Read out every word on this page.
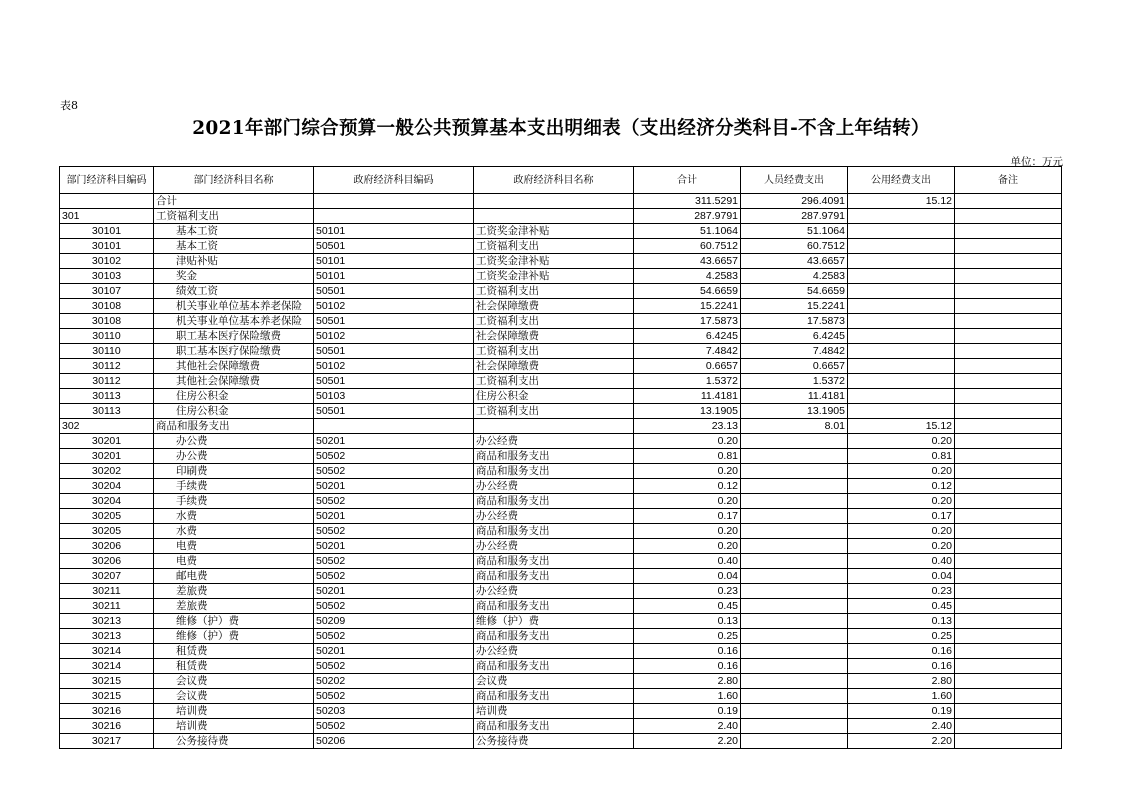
表8
2021年部门综合预算一般公共预算基本支出明细表（支出经济分类科目-不含上年结转）
单位：万元
部门经济科目编码	部门经济科目名称	政府经济科目编码	政府经济科目名称	合计	人员经费支出	公用经费支出	备注
	合计			311.5291	296.4091	15.12	
301	工资福利支出			287.9791	287.9791		
30101	基本工资	50101	工资奖金津补贴	51.1064	51.1064		
30101	基本工资	50501	工资福利支出	60.7512	60.7512		
30102	津贴补贴	50101	工资奖金津补贴	43.6657	43.6657		
30103	奖金	50101	工资奖金津补贴	4.2583	4.2583		
30107	绩效工资	50501	工资福利支出	54.6659	54.6659		
30108	机关事业单位基本养老保险	50102	社会保障缴费	15.2241	15.2241		
30108	机关事业单位基本养老保险	50501	工资福利支出	17.5873	17.5873		
30110	职工基本医疗保险缴费	50102	社会保障缴费	6.4245	6.4245		
30110	职工基本医疗保险缴费	50501	工资福利支出	7.4842	7.4842		
30112	其他社会保障缴费	50102	社会保障缴费	0.6657	0.6657		
30112	其他社会保障缴费	50501	工资福利支出	1.5372	1.5372		
30113	住房公积金	50103	住房公积金	11.4181	11.4181		
30113	住房公积金	50501	工资福利支出	13.1905	13.1905		
302	商品和服务支出			23.13	8.01	15.12	
30201	办公费	50201	办公经费	0.20		0.20	
30201	办公费	50502	商品和服务支出	0.81		0.81	
30202	印刷费	50502	商品和服务支出	0.20		0.20	
30204	手续费	50201	办公经费	0.12		0.12	
30204	手续费	50502	商品和服务支出	0.20		0.20	
30205	水费	50201	办公经费	0.17		0.17	
30205	水费	50502	商品和服务支出	0.20		0.20	
30206	电费	50201	办公经费	0.20		0.20	
30206	电费	50502	商品和服务支出	0.40		0.40	
30207	邮电费	50502	商品和服务支出	0.04		0.04	
30211	差旅费	50201	办公经费	0.23		0.23	
30211	差旅费	50502	商品和服务支出	0.45		0.45	
30213	维修（护）费	50209	维修（护）费	0.13		0.13	
30213	维修（护）费	50502	商品和服务支出	0.25		0.25	
30214	租赁费	50201	办公经费	0.16		0.16	
30214	租赁费	50502	商品和服务支出	0.16		0.16	
30215	会议费	50202	会议费	2.80		2.80	
30215	会议费	50502	商品和服务支出	1.60		1.60	
30216	培训费	50203	培训费	0.19		0.19	
30216	培训费	50502	商品和服务支出	2.40		2.40	
30217	公务接待费	50206	公务接待费	2.20		2.20	
